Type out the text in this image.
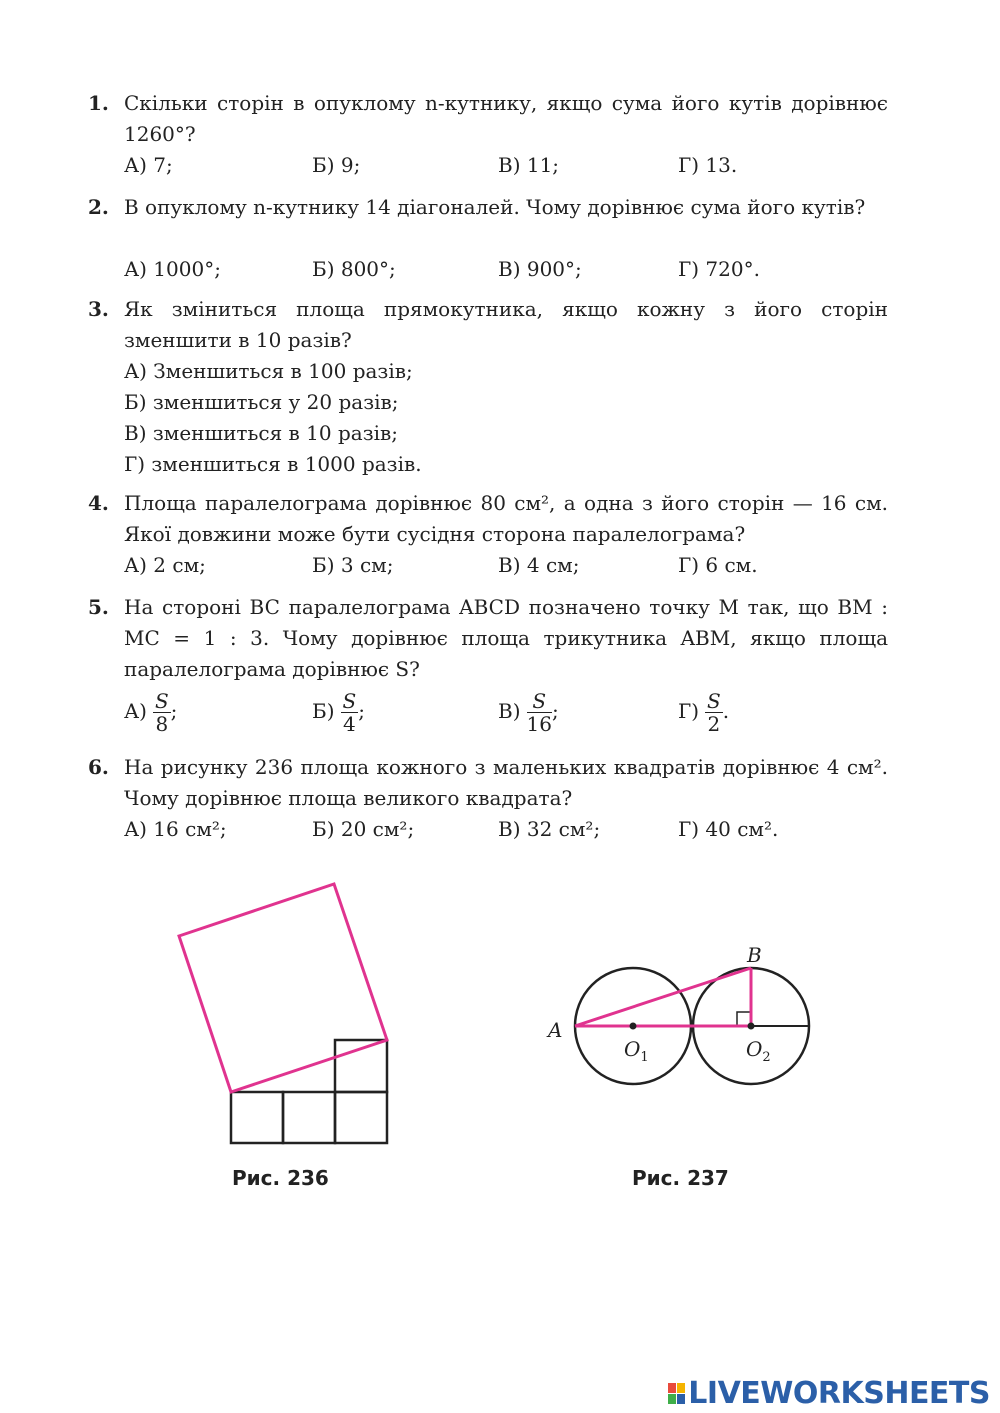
1. Скільки сторін в опуклому n-кутнику, якщо сума його кутів дорівнює 1260°?
А) 7;	Б) 9;	В) 11;	Г) 13.
2. В опуклому n-кутнику 14 діагоналей. Чому дорівнює сума його кутів?
А) 1000°;	Б) 800°;	В) 900°;	Г) 720°.
3. Як зміниться площа прямокутника, якщо кожну з його сторін зменшити в 10 разів?
А) Зменшиться в 100 разів;
Б) зменшиться у 20 разів;
В) зменшиться в 10 разів;
Г) зменшиться в 1000 разів.
4. Площа паралелограма дорівнює 80 см², а одна з його сторін — 16 см. Якої довжини може бути сусідня сторона паралелограма?
А) 2 см;	Б) 3 см;	В) 4 см;	Г) 6 см.
5. На стороні BC паралелограма ABCD позначено точку M так, що BM : MC = 1 : 3. Чому дорівнює площа трикутника ABM, якщо площа паралелограма дорівнює S?
$А) \frac{S}{8}$ ;	$Б) \frac{S}{4}$ ;	$В) \frac{S}{16}$ ;	$Г) \frac{S}{2}$ .
6. На рисунку 236 площа кожного з маленьких квадратів дорівнює 4 см². Чому дорівнює площа великого квадрата?
А) 16 см²;	Б) 20 см²;	В) 32 см²;	Г) 40 см².
Рис. 236
A
B
$O_1$	$O_2$
Рис. 237
LIVEWORKSHEETS
